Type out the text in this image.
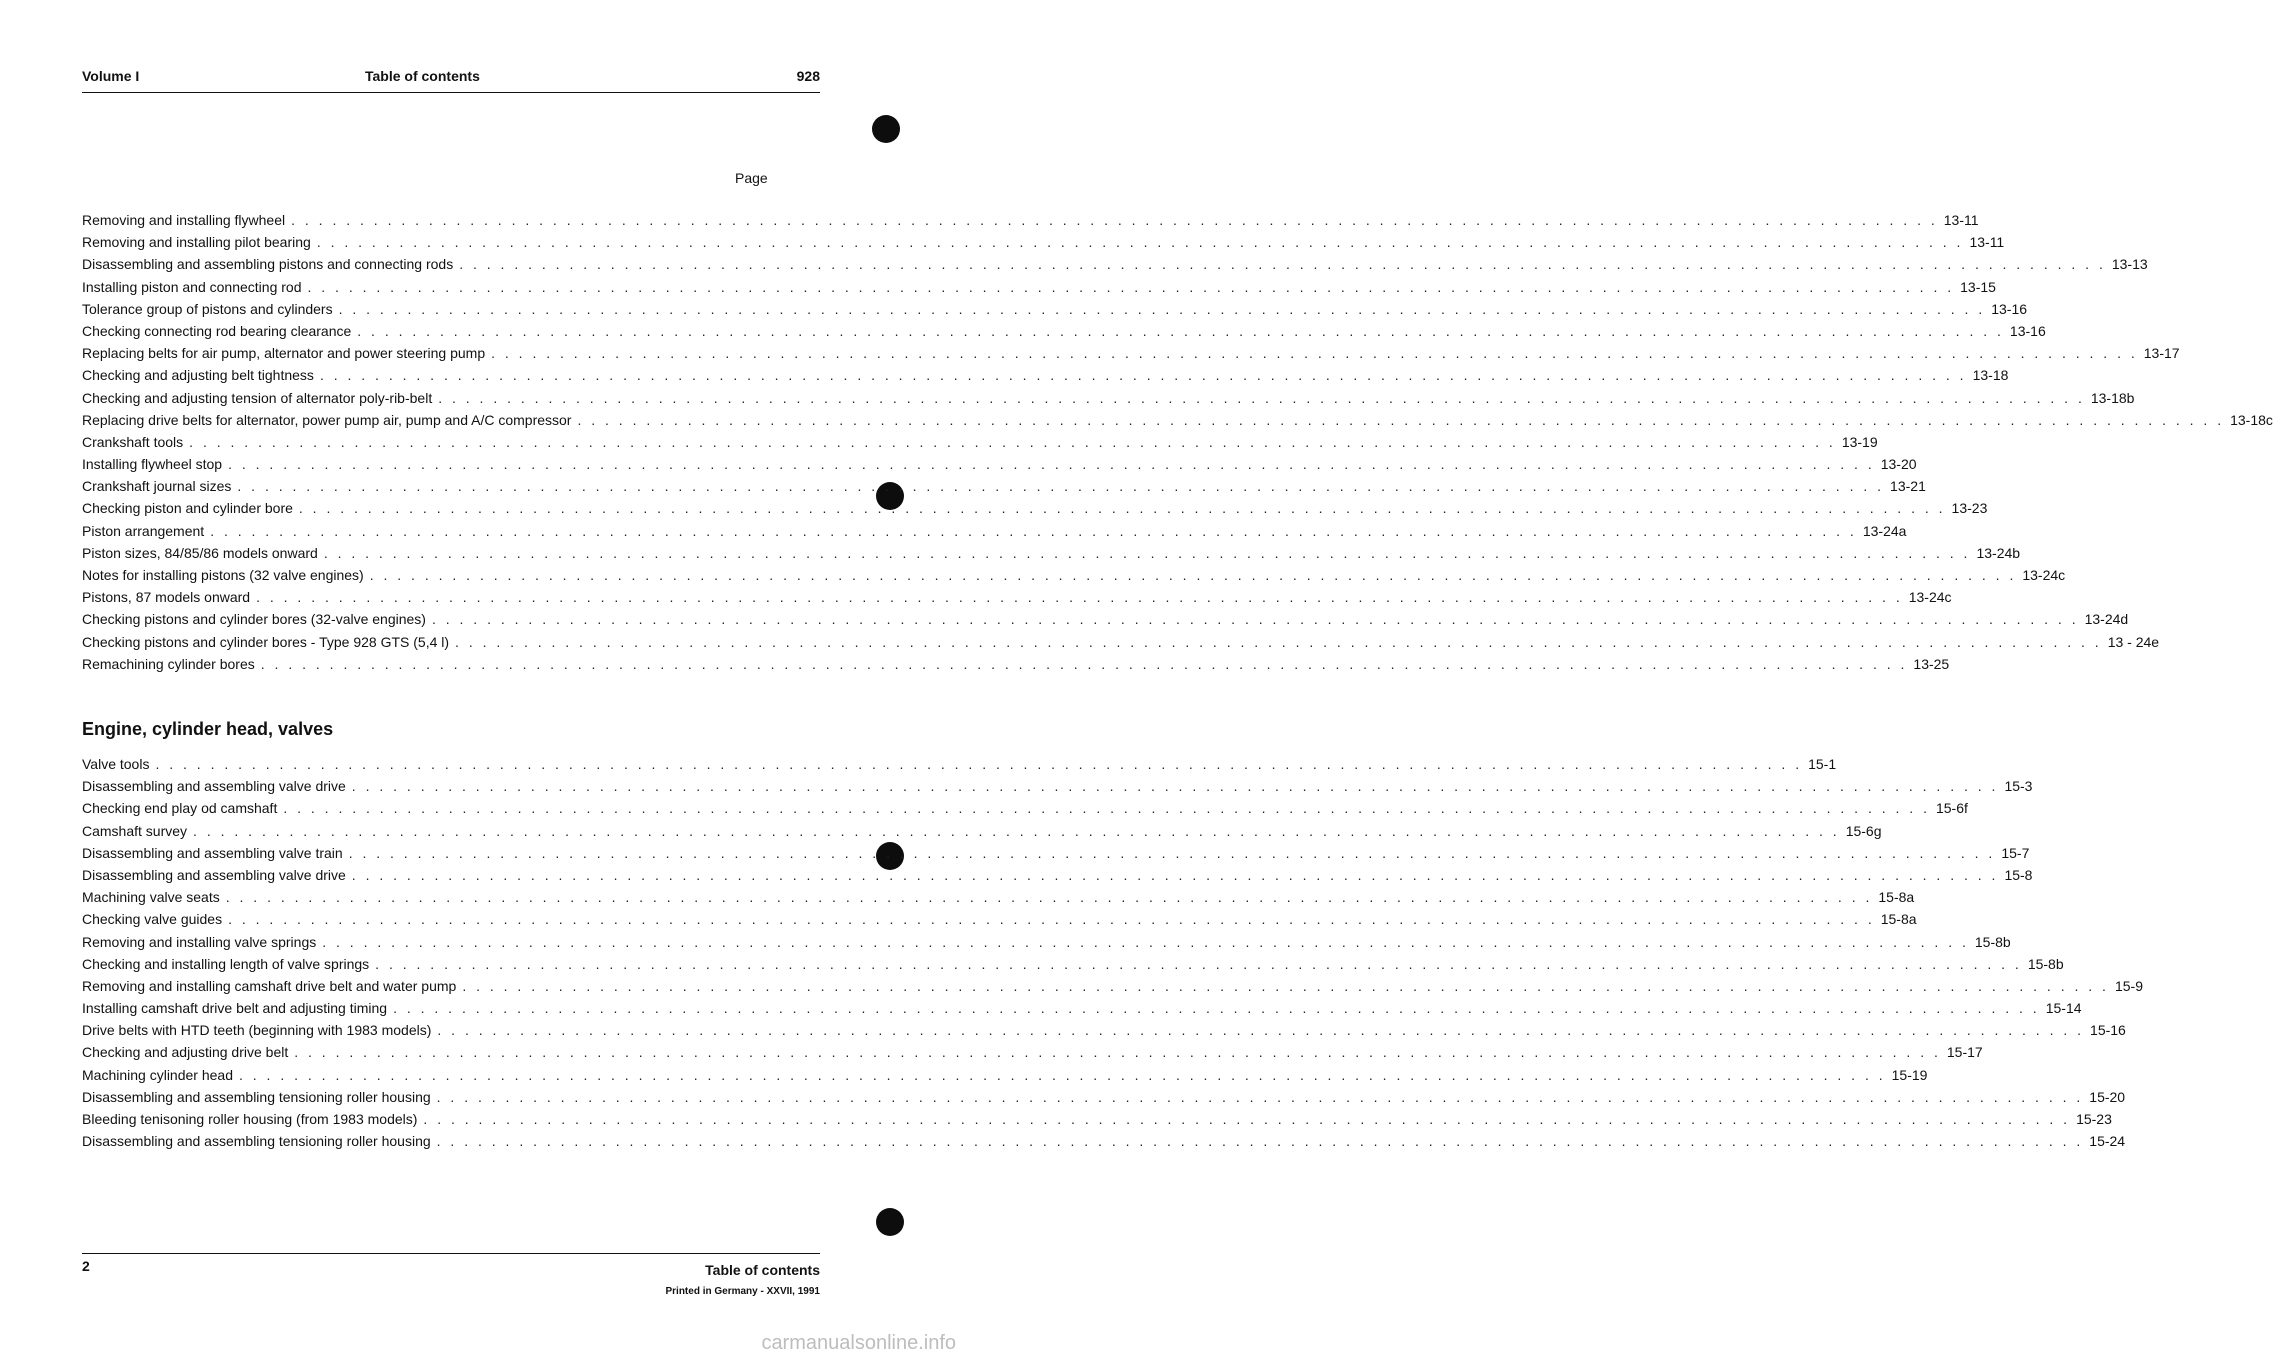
Volume I	Table of contents	928
Page
Removing and installing flywheel . . . . . . . . . . . . . . . . . . . . . . . . . . . . . . . . . . . . . . . . . . . . . . . . . . . . . . . . . . . . . . . . . . . . . . . . . . . . . . . . . . . . . . . . . . . . . . . . . . . . . . . . . . . . . . . . . . . . . . . . 13-11
Removing and installing pilot bearing . . . . . . . . . . . . . . . . . . . . . . . . . . . . . . . . . . . . . . . . . . . . . . . . . . . . . . . . . . . . . . . . . . . . . . . . . . . . . . . . . . . . . . . . . . . . . . . . . . . . . . . . . . . . . . . . . . . . . . . . 13-11
Disassembling and assembling pistons and connecting rods . . . . . . . . . . . . . . . . . . . . . . . . . . . . . . . . . . . . . . . . . . . . . . . . . . . . . . . . . . . . . . . . . . . . . . . . . . . . . . . . . . . . . . . . . . . . . . . . . . . . . . . . . . . . . . . . . . . . . . . . 13-13
Installing piston and connecting rod . . . . . . . . . . . . . . . . . . . . . . . . . . . . . . . . . . . . . . . . . . . . . . . . . . . . . . . . . . . . . . . . . . . . . . . . . . . . . . . . . . . . . . . . . . . . . . . . . . . . . . . . . . . . . . . . . . . . . . . . 13-15
Tolerance group of pistons and cylinders . . . . . . . . . . . . . . . . . . . . . . . . . . . . . . . . . . . . . . . . . . . . . . . . . . . . . . . . . . . . . . . . . . . . . . . . . . . . . . . . . . . . . . . . . . . . . . . . . . . . . . . . . . . . . . . . . . . . . . . . 13-16
Checking connecting rod bearing clearance . . . . . . . . . . . . . . . . . . . . . . . . . . . . . . . . . . . . . . . . . . . . . . . . . . . . . . . . . . . . . . . . . . . . . . . . . . . . . . . . . . . . . . . . . . . . . . . . . . . . . . . . . . . . . . . . . . . . . . . . 13-16
Replacing belts for air pump, alternator and power steering pump . . . . . . . . . . . . . . . . . . . . . . . . . . . . . . . . . . . . . . . . . . . . . . . . . . . . . . . . . . . . . . . . . . . . . . . . . . . . . . . . . . . . . . . . . . . . . . . . . . . . . . . . . . . . . . . . . . . . . . . . 13-17
Checking and adjusting belt tightness . . . . . . . . . . . . . . . . . . . . . . . . . . . . . . . . . . . . . . . . . . . . . . . . . . . . . . . . . . . . . . . . . . . . . . . . . . . . . . . . . . . . . . . . . . . . . . . . . . . . . . . . . . . . . . . . . . . . . . . . 13-18
Checking and adjusting tension of alternator poly-rib-belt . . . . . . . . . . . . . . . . . . . . . . . . . . . . . . . . . . . . . . . . . . . . . . . . . . . . . . . . . . . . . . . . . . . . . . . . . . . . . . . . . . . . . . . . . . . . . . . . . . . . . . . . . . . . . . . . . . . . . . . . 13-18b
Replacing drive belts for alternator, power pump air, pump and A/C compressor . . . . . . . . . . . . . . . . . . . . . . . . . . . . . . . . . . . . . . . . . . . . . . . . . . . . . . . . . . . . . . . . . . . . . . . . . . . . . . . . . . . . . . . . . . . . . . . . . . . . . . . . . . . . . . . . . . . . . . . . 13-18c
Crankshaft tools . . . . . . . . . . . . . . . . . . . . . . . . . . . . . . . . . . . . . . . . . . . . . . . . . . . . . . . . . . . . . . . . . . . . . . . . . . . . . . . . . . . . . . . . . . . . . . . . . . . . . . . . . . . . . . . . . . . . . . . . 13-19
Installing flywheel stop . . . . . . . . . . . . . . . . . . . . . . . . . . . . . . . . . . . . . . . . . . . . . . . . . . . . . . . . . . . . . . . . . . . . . . . . . . . . . . . . . . . . . . . . . . . . . . . . . . . . . . . . . . . . . . . . . . . . . . . . 13-20
Crankshaft journal sizes . . . . . . . . . . . . . . . . . . . . . . . . . . . . . . . . . . . . . . . . . . . . . . . . . . . . . . . . . . . . . . . . . . . . . . . . . . . . . . . . . . . . . . . . . . . . . . . . . . . . . . . . . . . . . . . . . . . . . . . . 13-21
Checking piston and cylinder bore . . . . . . . . . . . . . . . . . . . . . . . . . . . . . . . . . . . . . . . . . . . . . . . . . . . . . . . . . . . . . . . . . . . . . . . . . . . . . . . . . . . . . . . . . . . . . . . . . . . . . . . . . . . . . . . . . . . . . . . . 13-23
Piston arrangement . . . . . . . . . . . . . . . . . . . . . . . . . . . . . . . . . . . . . . . . . . . . . . . . . . . . . . . . . . . . . . . . . . . . . . . . . . . . . . . . . . . . . . . . . . . . . . . . . . . . . . . . . . . . . . . . . . . . . . . . 13-24a
Piston sizes, 84/85/86 models onward . . . . . . . . . . . . . . . . . . . . . . . . . . . . . . . . . . . . . . . . . . . . . . . . . . . . . . . . . . . . . . . . . . . . . . . . . . . . . . . . . . . . . . . . . . . . . . . . . . . . . . . . . . . . . . . . . . . . . . . . 13-24b
Notes for installing pistons (32 valve engines) . . . . . . . . . . . . . . . . . . . . . . . . . . . . . . . . . . . . . . . . . . . . . . . . . . . . . . . . . . . . . . . . . . . . . . . . . . . . . . . . . . . . . . . . . . . . . . . . . . . . . . . . . . . . . . . . . . . . . . . . 13-24c
Pistons, 87 models onward . . . . . . . . . . . . . . . . . . . . . . . . . . . . . . . . . . . . . . . . . . . . . . . . . . . . . . . . . . . . . . . . . . . . . . . . . . . . . . . . . . . . . . . . . . . . . . . . . . . . . . . . . . . . . . . . . . . . . . . . 13-24c
Checking pistons and cylinder bores (32-valve engines) . . . . . . . . . . . . . . . . . . . . . . . . . . . . . . . . . . . . . . . . . . . . . . . . . . . . . . . . . . . . . . . . . . . . . . . . . . . . . . . . . . . . . . . . . . . . . . . . . . . . . . . . . . . . . . . . . . . . . . . . 13-24d
Checking pistons and cylinder bores - Type 928 GTS (5,4 l) . . . . . . . . . . . . . . . . . . . . . . . . . . . . . . . . . . . . . . . . . . . . . . . . . . . . . . . . . . . . . . . . . . . . . . . . . . . . . . . . . . . . . . . . . . . . . . . . . . . . . . . . . . . . . . . . . . . . . . . . 13 - 24e
Remachining cylinder bores . . . . . . . . . . . . . . . . . . . . . . . . . . . . . . . . . . . . . . . . . . . . . . . . . . . . . . . . . . . . . . . . . . . . . . . . . . . . . . . . . . . . . . . . . . . . . . . . . . . . . . . . . . . . . . . . . . . . . . . . 13-25
Engine, cylinder head, valves
Valve tools . . . . . . . . . . . . . . . . . . . . . . . . . . . . . . . . . . . . . . . . . . . . . . . . . . . . . . . . . . . . . . . . . . . . . . . . . . . . . . . . . . . . . . . . . . . . . . . . . . . . . . . . . . . . . . . . . . . . . . . . 15-1
Disassembling and assembling valve drive . . . . . . . . . . . . . . . . . . . . . . . . . . . . . . . . . . . . . . . . . . . . . . . . . . . . . . . . . . . . . . . . . . . . . . . . . . . . . . . . . . . . . . . . . . . . . . . . . . . . . . . . . . . . . . . . . . . . . . . . 15-3
Checking end play od camshaft . . . . . . . . . . . . . . . . . . . . . . . . . . . . . . . . . . . . . . . . . . . . . . . . . . . . . . . . . . . . . . . . . . . . . . . . . . . . . . . . . . . . . . . . . . . . . . . . . . . . . . . . . . . . . . . . . . . . . . . . 15-6f
Camshaft survey . . . . . . . . . . . . . . . . . . . . . . . . . . . . . . . . . . . . . . . . . . . . . . . . . . . . . . . . . . . . . . . . . . . . . . . . . . . . . . . . . . . . . . . . . . . . . . . . . . . . . . . . . . . . . . . . . . . . . . . . 15-6g
Disassembling and assembling valve train . . . . . . . . . . . . . . . . . . . . . . . . . . . . . . . . . . . . . . . . . . . . . . . . . . . . . . . . . . . . . . . . . . . . . . . . . . . . . . . . . . . . . . . . . . . . . . . . . . . . . . . . . . . . . . . . . . . . . . . . 15-7
Disassembling and assembling valve drive . . . . . . . . . . . . . . . . . . . . . . . . . . . . . . . . . . . . . . . . . . . . . . . . . . . . . . . . . . . . . . . . . . . . . . . . . . . . . . . . . . . . . . . . . . . . . . . . . . . . . . . . . . . . . . . . . . . . . . . . 15-8
Machining valve seats . . . . . . . . . . . . . . . . . . . . . . . . . . . . . . . . . . . . . . . . . . . . . . . . . . . . . . . . . . . . . . . . . . . . . . . . . . . . . . . . . . . . . . . . . . . . . . . . . . . . . . . . . . . . . . . . . . . . . . . . 15-8a
Checking valve guides . . . . . . . . . . . . . . . . . . . . . . . . . . . . . . . . . . . . . . . . . . . . . . . . . . . . . . . . . . . . . . . . . . . . . . . . . . . . . . . . . . . . . . . . . . . . . . . . . . . . . . . . . . . . . . . . . . . . . . . . 15-8a
Removing and installing valve springs . . . . . . . . . . . . . . . . . . . . . . . . . . . . . . . . . . . . . . . . . . . . . . . . . . . . . . . . . . . . . . . . . . . . . . . . . . . . . . . . . . . . . . . . . . . . . . . . . . . . . . . . . . . . . . . . . . . . . . . . 15-8b
Checking and installing length of valve springs . . . . . . . . . . . . . . . . . . . . . . . . . . . . . . . . . . . . . . . . . . . . . . . . . . . . . . . . . . . . . . . . . . . . . . . . . . . . . . . . . . . . . . . . . . . . . . . . . . . . . . . . . . . . . . . . . . . . . . . . 15-8b
Removing and installing camshaft drive belt and water pump . . . . . . . . . . . . . . . . . . . . . . . . . . . . . . . . . . . . . . . . . . . . . . . . . . . . . . . . . . . . . . . . . . . . . . . . . . . . . . . . . . . . . . . . . . . . . . . . . . . . . . . . . . . . . . . . . . . . . . . . 15-9
Installing camshaft drive belt and adjusting timing . . . . . . . . . . . . . . . . . . . . . . . . . . . . . . . . . . . . . . . . . . . . . . . . . . . . . . . . . . . . . . . . . . . . . . . . . . . . . . . . . . . . . . . . . . . . . . . . . . . . . . . . . . . . . . . . . . . . . . . . 15-14
Drive belts with HTD teeth (beginning with 1983 models) . . . . . . . . . . . . . . . . . . . . . . . . . . . . . . . . . . . . . . . . . . . . . . . . . . . . . . . . . . . . . . . . . . . . . . . . . . . . . . . . . . . . . . . . . . . . . . . . . . . . . . . . . . . . . . . . . . . . . . . . 15-16
Checking and adjusting drive belt . . . . . . . . . . . . . . . . . . . . . . . . . . . . . . . . . . . . . . . . . . . . . . . . . . . . . . . . . . . . . . . . . . . . . . . . . . . . . . . . . . . . . . . . . . . . . . . . . . . . . . . . . . . . . . . . . . . . . . . . 15-17
Machining cylinder head . . . . . . . . . . . . . . . . . . . . . . . . . . . . . . . . . . . . . . . . . . . . . . . . . . . . . . . . . . . . . . . . . . . . . . . . . . . . . . . . . . . . . . . . . . . . . . . . . . . . . . . . . . . . . . . . . . . . . . . . 15-19
Disassembling and assembling tensioning roller housing . . . . . . . . . . . . . . . . . . . . . . . . . . . . . . . . . . . . . . . . . . . . . . . . . . . . . . . . . . . . . . . . . . . . . . . . . . . . . . . . . . . . . . . . . . . . . . . . . . . . . . . . . . . . . . . . . . . . . . . . 15-20
Bleeding tenisoning roller housing (from 1983 models) . . . . . . . . . . . . . . . . . . . . . . . . . . . . . . . . . . . . . . . . . . . . . . . . . . . . . . . . . . . . . . . . . . . . . . . . . . . . . . . . . . . . . . . . . . . . . . . . . . . . . . . . . . . . . . . . . . . . . . . . 15-23
Disassembling and assembling tensioning roller housing . . . . . . . . . . . . . . . . . . . . . . . . . . . . . . . . . . . . . . . . . . . . . . . . . . . . . . . . . . . . . . . . . . . . . . . . . . . . . . . . . . . . . . . . . . . . . . . . . . . . . . . . . . . . . . . . . . . . . . . . 15-24
2	Table of contents
Printed in Germany - XXVII, 1991
carmanualsonline.info
